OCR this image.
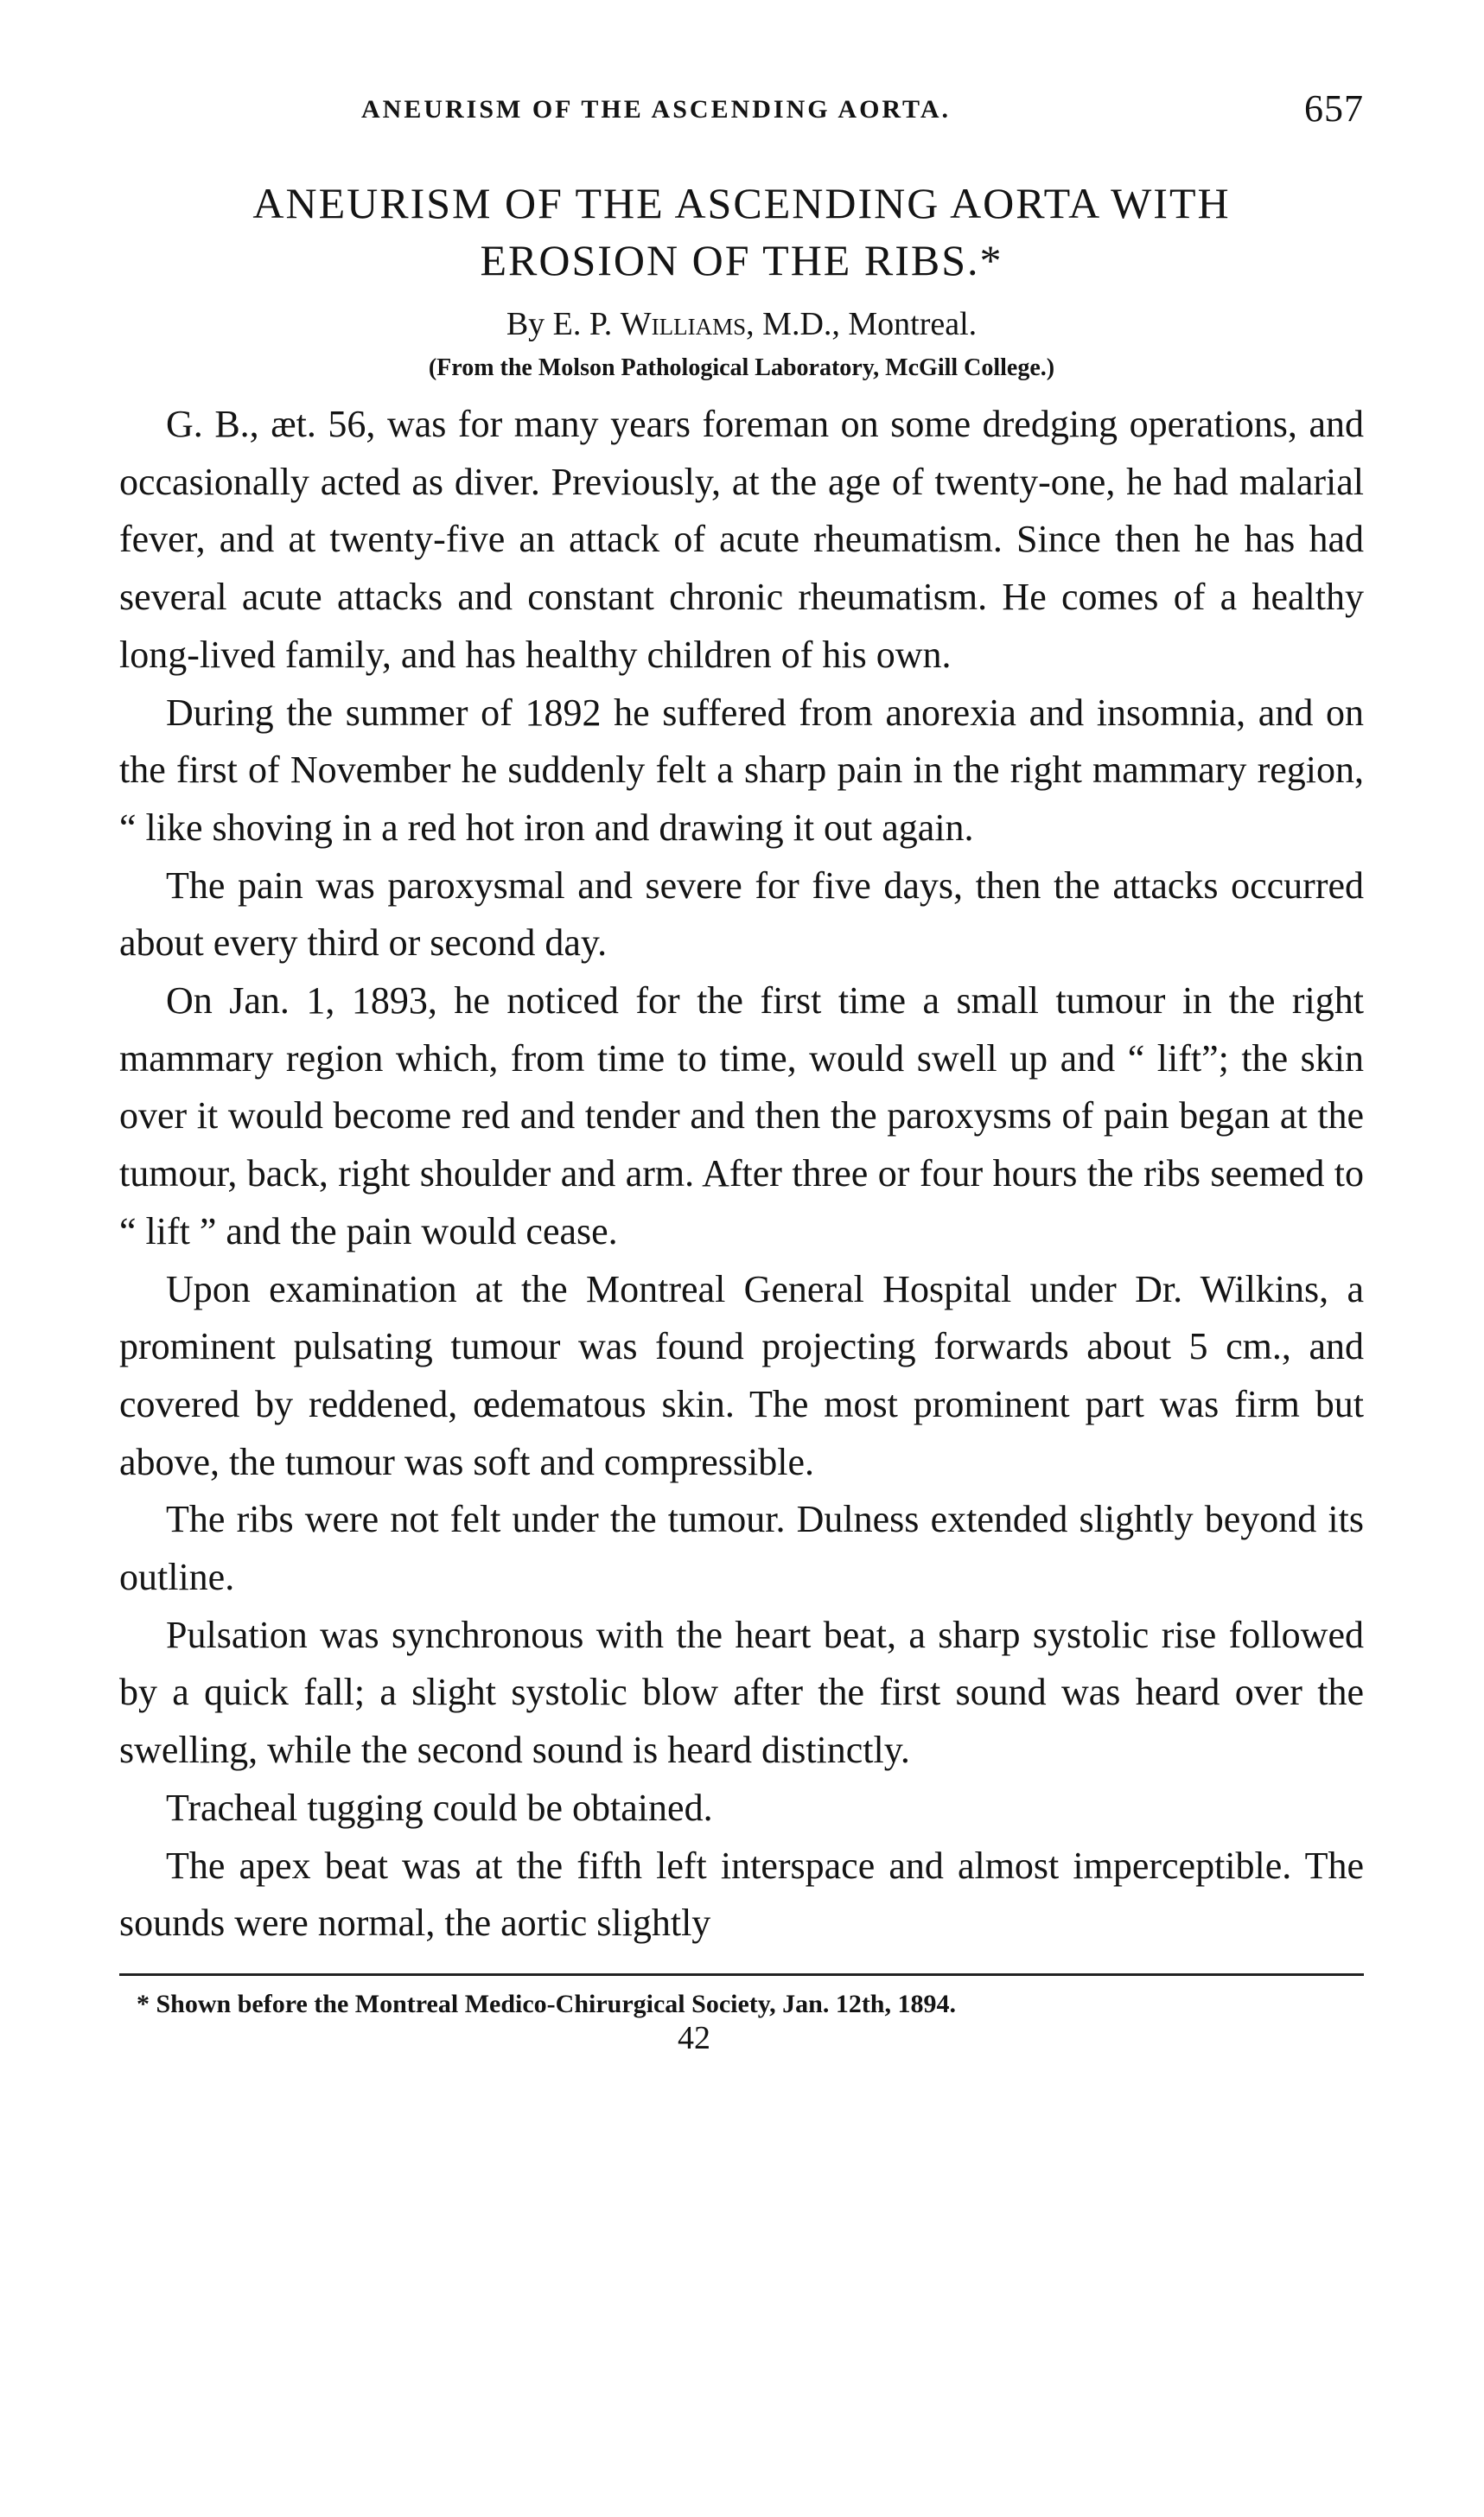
ANEURISM OF THE ASCENDING AORTA.	657
ANEURISM OF THE ASCENDING AORTA WITH
EROSION OF THE RIBS.*
By E. P. Williams, M.D., Montreal.
(From the Molson Pathological Laboratory, McGill College.)

G. B., æt. 56, was for many years foreman on some dredging operations, and occasionally acted as diver. Previously, at the age of twenty-one, he had malarial fever, and at twenty-five an attack of acute rheumatism. Since then he has had several acute attacks and constant chronic rheumatism. He comes of a healthy long-lived family, and has healthy children of his own.

During the summer of 1892 he suffered from anorexia and insomnia, and on the first of November he suddenly felt a sharp pain in the right mammary region, “ like shoving in a red hot iron and drawing it out again.

The pain was paroxysmal and severe for five days, then the attacks occurred about every third or second day.

On Jan. 1, 1893, he noticed for the first time a small tumour in the right mammary region which, from time to time, would swell up and “ lift”; the skin over it would become red and tender and then the paroxysms of pain began at the tumour, back, right shoulder and arm. After three or four hours the ribs seemed to “ lift ” and the pain would cease.

Upon examination at the Montreal General Hospital under Dr. Wilkins, a prominent pulsating tumour was found projecting forwards about 5 cm., and covered by reddened, œdematous skin. The most prominent part was firm but above, the tumour was soft and compressible.

The ribs were not felt under the tumour. Dulness extended slightly beyond its outline.

Pulsation was synchronous with the heart beat, a sharp systolic rise followed by a quick fall; a slight systolic blow after the first sound was heard over the swelling, while the second sound is heard distinctly.

Tracheal tugging could be obtained.

The apex beat was at the fifth left interspace and almost imperceptible. The sounds were normal, the aortic slightly

* Shown before the Montreal Medico-Chirurgical Society, Jan. 12th, 1894.
42
